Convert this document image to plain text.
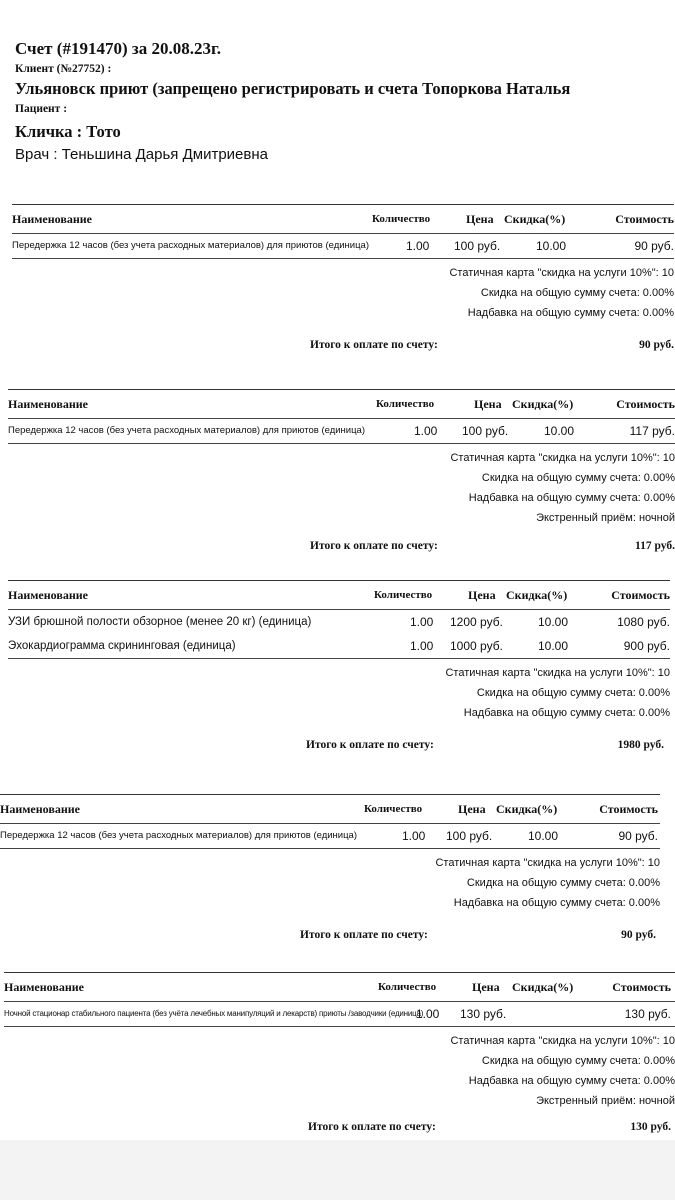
Счет (#191470) за 20.08.23г.
Клиент (№27752) :
Ульяновск приют (запрещено регистрировать и счета Топоркова Наталья
Пациент :
Кличка : Тото
Врач : Теньшина Дарья Дмитриевна
Наименование	Количество	Цена Скидка(%)	Стоимость
Передержка 12 часов (без учета расходных материалов) для приютов (единица)	1.00 100 руб.	10.00	90 руб.
Статичная карта "скидка на услуги 10%": 10
Скидка на общую сумму счета: 0.00%
Надбавка на общую сумму счета: 0.00%
Итого к оплате по счету:	90 руб.
Наименование	Количество	Цена Скидка(%)	Стоимость
Передержка 12 часов (без учета расходных материалов) для приютов (единица)	1.00 100 руб.	10.00	117 руб.
Статичная карта "скидка на услуги 10%": 10
Скидка на общую сумму счета: 0.00%
Надбавка на общую сумму счета: 0.00%
Экстренный приём: ночной
Итого к оплате по счету:	117 руб.
Наименование	Количество	Цена Скидка(%)	Стоимость
УЗИ брюшной полости обзорное (менее 20 кг) (единица)	1.00 1200 руб.	10.00	1080 руб.
Эхокардиограмма скрининговая (единица)	1.00 1000 руб.	10.00	900 руб.
Статичная карта "скидка на услуги 10%": 10
Скидка на общую сумму счета: 0.00%
Надбавка на общую сумму счета: 0.00%
Итого к оплате по счету:	1980 руб.
Наименование	Количество	Цена Скидка(%)	Стоимость
Передержка 12 часов (без учета расходных материалов) для приютов (единица)	1.00 100 руб.	10.00	90 руб.
Статичная карта "скидка на услуги 10%": 10
Скидка на общую сумму счета: 0.00%
Надбавка на общую сумму счета: 0.00%
Итого к оплате по счету:	90 руб.
Наименование	Количество	Цена Скидка(%)	Стоимость
Ночной стационар стабильного пациента (без учёта лечебных манипуляций и лекарств) приюты /заводчики (единица)
1.00 130 руб.	130 руб.
Статичная карта "скидка на услуги 10%": 10
Скидка на общую сумму счета: 0.00%
Надбавка на общую сумму счета: 0.00%
Экстренный приём: ночной
Итого к оплате по счету:	130 руб.
